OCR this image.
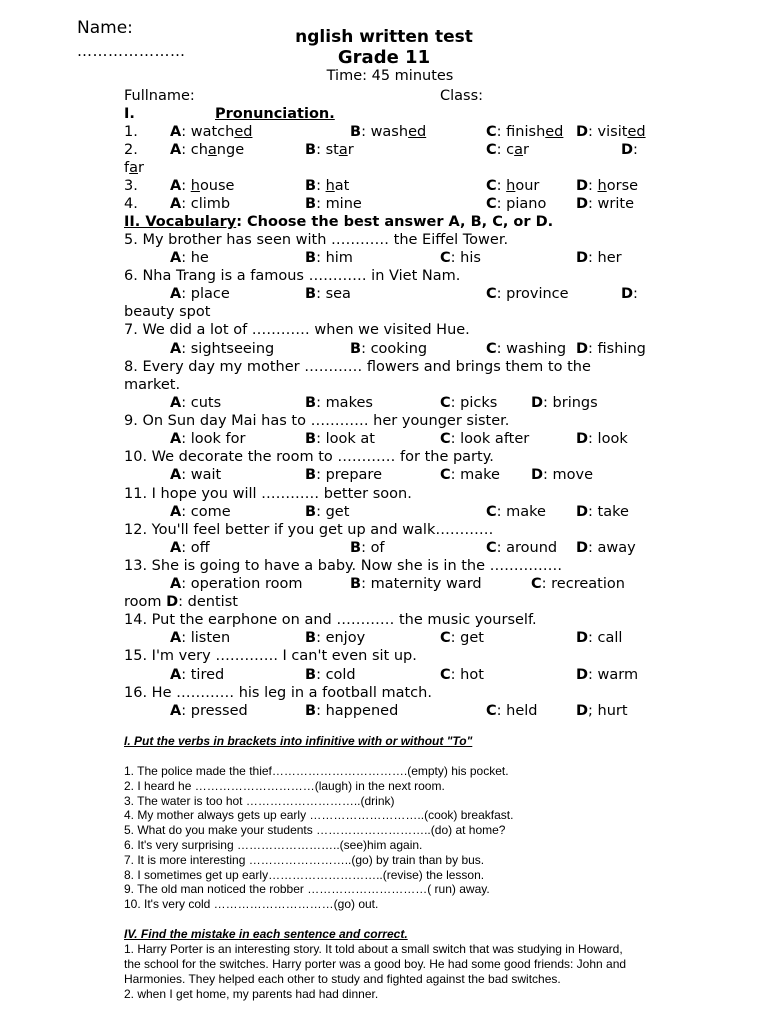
Name:
…………………
nglish written test
Grade 11
Time: 45 minutes
Fullname:	Class:
I.	Pronunciation.
1. A: watched	B: washed	C: finished D: visited
2. A: change	B: star	C: car	D:
far
3. A: house	B: hat	C: hour	D: horse
4. A: climb	B: mine	C: piano D: write
II. Vocabulary: Choose the best answer A, B, C, or D.
5. My brother has seen with ………… the Eiffel Tower.
A: he	B: him	C: his	D: her
6. Nha Trang is a famous ………… in Viet Nam.
A: place	B: sea	C: province	D:
beauty spot
7. We did a lot of ………… when we visited Hue.
A: sightseeing	B: cooking	C: washing D: fishing
8. Every day my mother ………… flowers and brings them to the
market.
A: cuts	B: makes	C: picks D: brings
9. On Sun day Mai has to ………… her younger sister.
A: look for	B: look at	C: look after	D: look
10. We decorate the room to ………… for the party.
A: wait	B: prepare	C: make D: move
11. I hope you will ………… better soon.
A: come	B: get	C: make D: take
12. You'll feel better if you get up and walk…………
A: off	B: of	C: around D: away
13. She is going to have a baby. Now she is in the ……………
A: operation room	B: maternity ward	C: recreation
room D: dentist
14. Put the earphone on and ………… the music yourself.
A: listen	B: enjoy	C: get	D: call
15. I'm very …………. I can't even sit up.
A: tired	B: cold	C: hot	D: warm
16. He ………… his leg in a football match.
A: pressed	B: happened	C: held	D; hurt
I. Put the verbs in brackets into infinitive with or without "To"
1. The police made the thief…………………………….(empty) his pocket.
2. I heard he …………………………(laugh) in the next room.
3. The water is too hot ………………………..(drink)
4. My mother always gets up early ………………………..(cook) breakfast.
5. What do you make your students ………………………..(do) at home?
6. It's very surprising ……………………..(see)him again.
7. It is more interesting ……………………..(go) by train than by bus.
8. I sometimes get up early………………………..(revise) the lesson.
9. The old man noticed the robber …………………………( run) away.
10. It's very cold …………………………(go) out.
IV. Find the mistake in each sentence and correct.
1. Harry Porter is an interesting story. It told about a small switch that was studying in Howard,
the school for the switches. Harry porter was a good boy. He had some good friends: John and
Harmonies. They helped each other to study and fighted against the bad switches.
2. when I get home, my parents had had dinner.
